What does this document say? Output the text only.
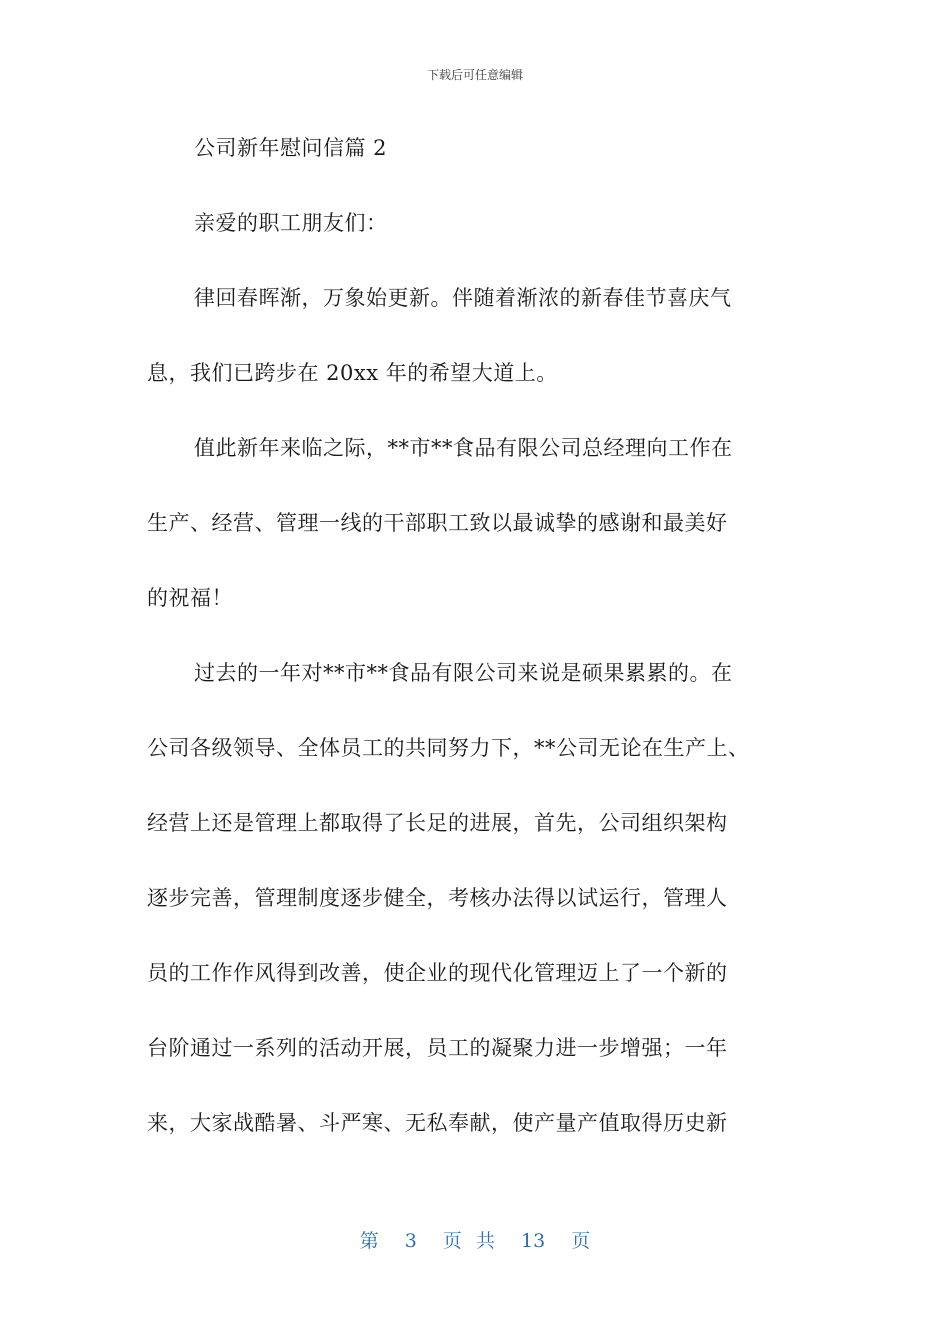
下载后可任意编辑
公司新年慰问信篇 2
亲爱的职工朋友们：
律回春晖渐，万象始更新。伴随着渐浓的新春佳节喜庆气
息，我们已跨步在 20xx 年的希望大道上。
值此新年来临之际，**市**食品有限公司总经理向工作在
生产、经营、管理一线的干部职工致以最诚挚的感谢和最美好
的祝福！
过去的一年对**市**食品有限公司来说是硕果累累的。在
公司各级领导、全体员工的共同努力下，**公司无论在生产上、
经营上还是管理上都取得了长足的进展，首先，公司组织架构
逐步完善，管理制度逐步健全，考核办法得以试运行，管理人
员的工作作风得到改善，使企业的现代化管理迈上了一个新的
台阶通过一系列的活动开展，员工的凝聚力进一步增强；一年
来，大家战酷暑、斗严寒、无私奉献，使产量产值取得历史新
第 3 页 共 13 页
